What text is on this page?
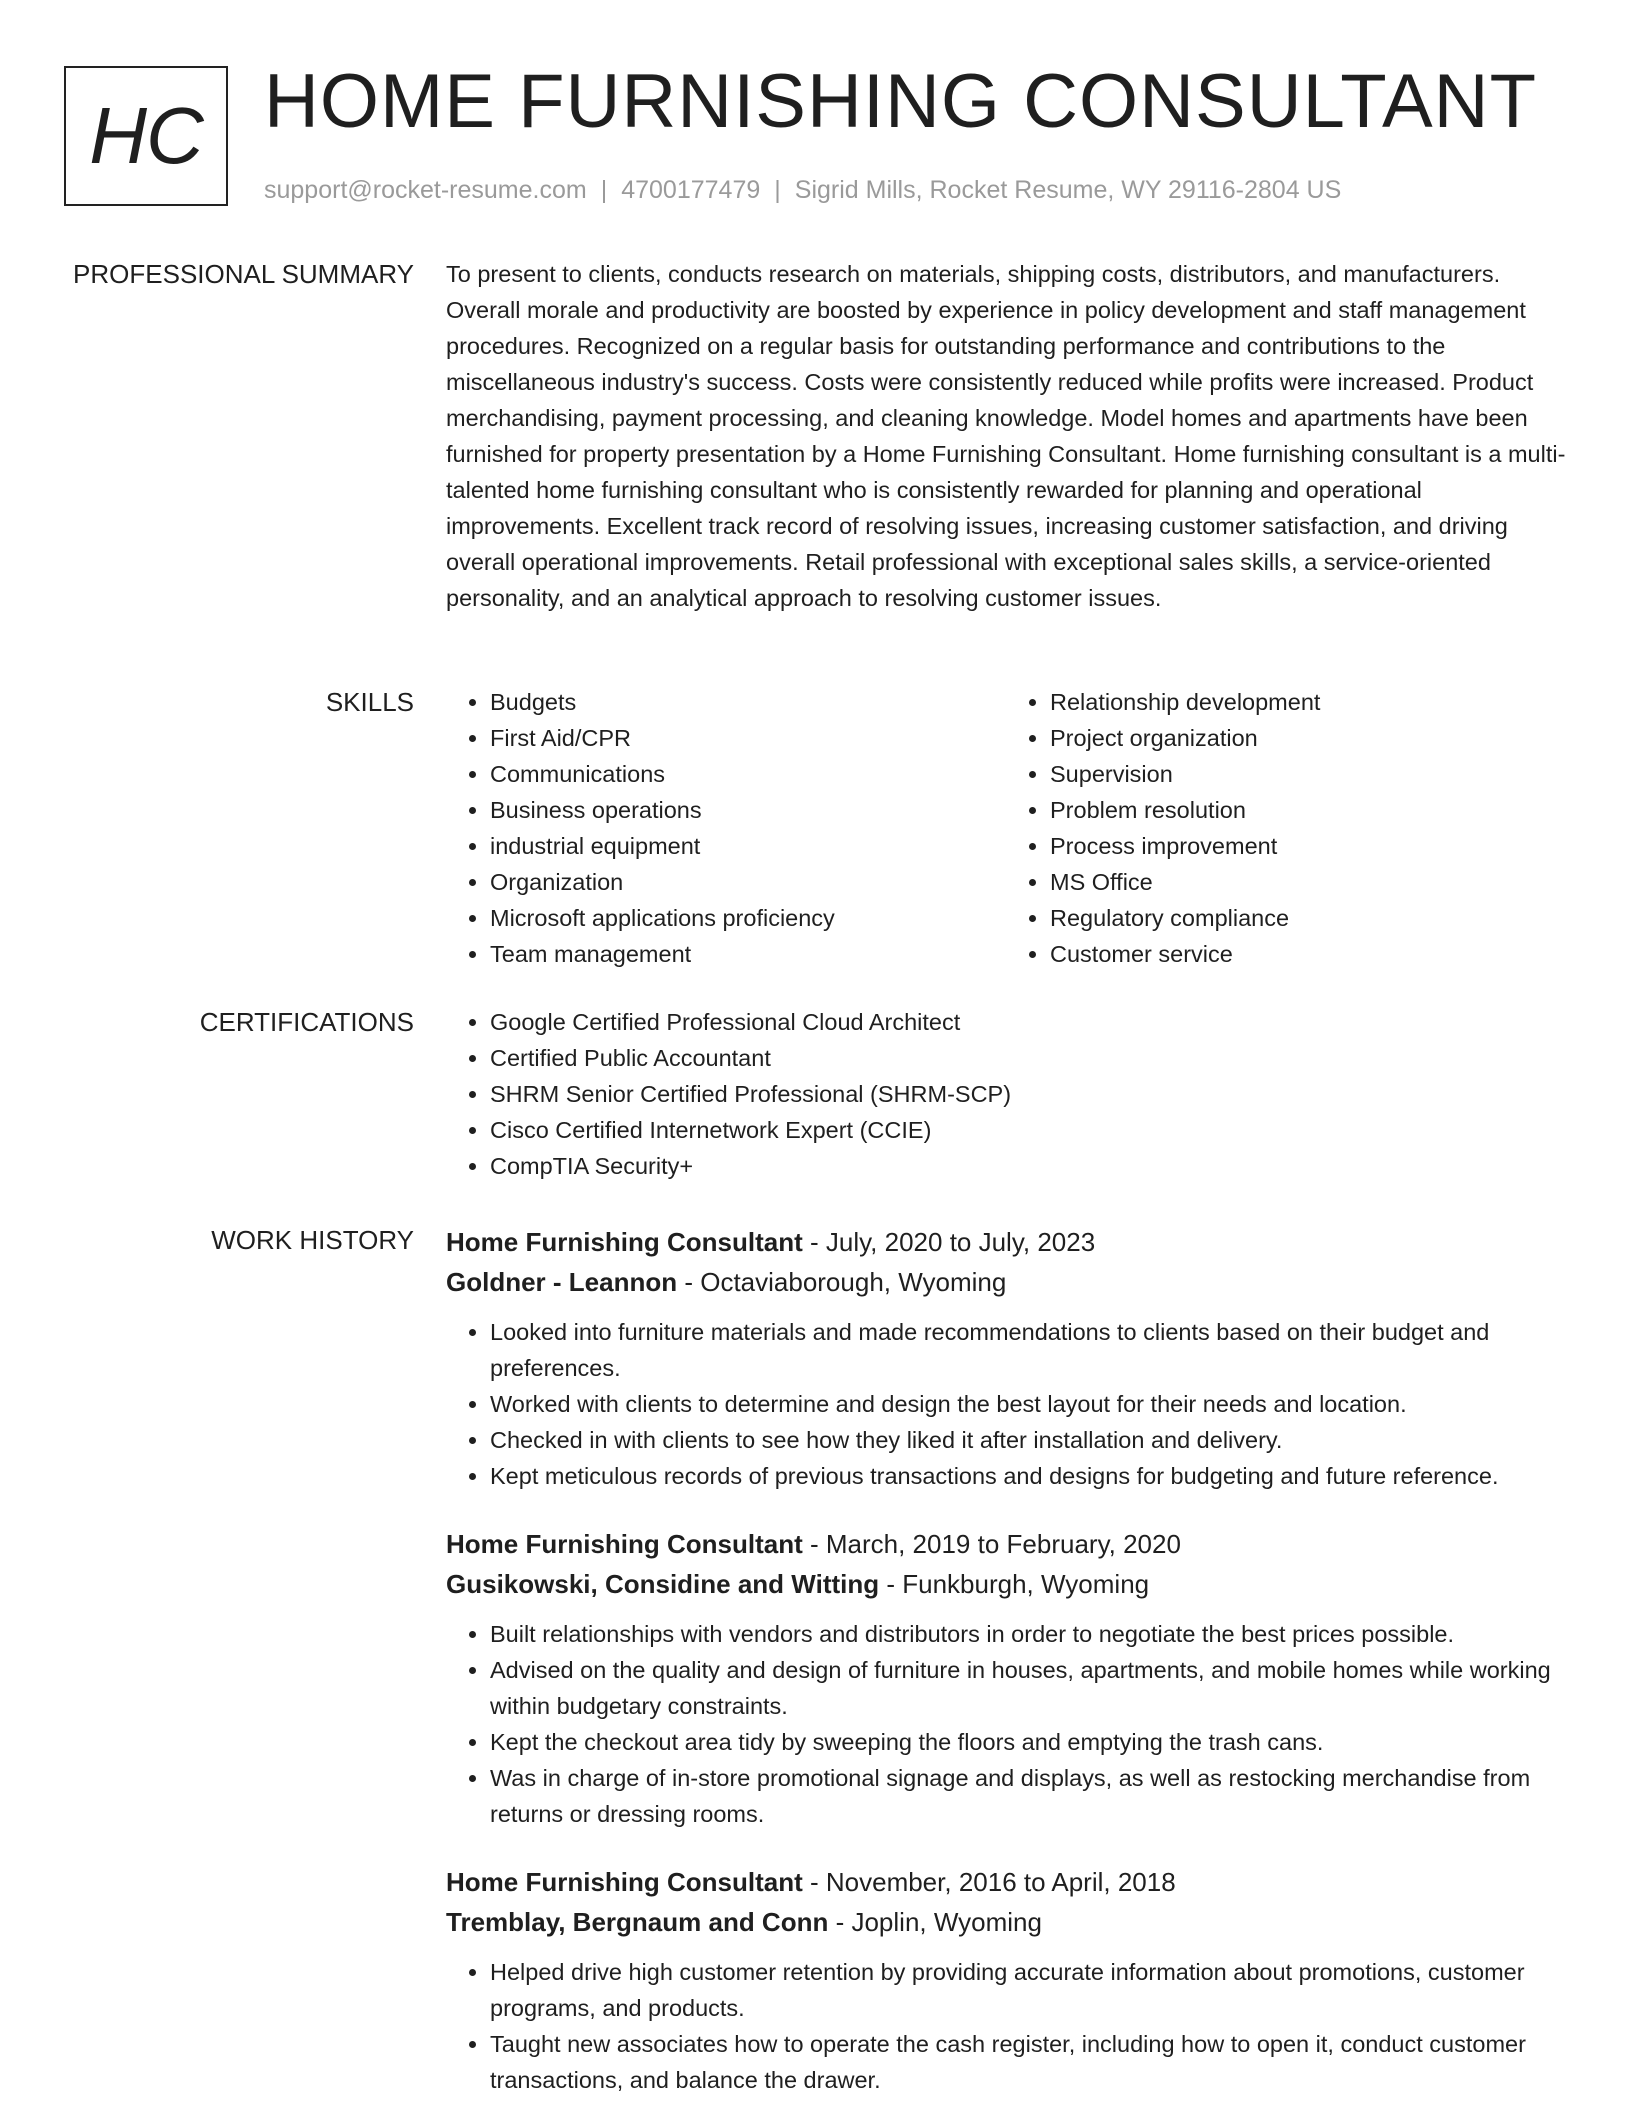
HC HOME FURNISHING CONSULTANT
support@rocket-resume.com | 4700177479 | Sigrid Mills, Rocket Resume, WY 29116-2804 US
PROFESSIONAL SUMMARY To present to clients, conducts research on materials, shipping costs, distributors, and manufacturers. Overall morale and productivity are boosted by experience in policy development and staff management procedures. Recognized on a regular basis for outstanding performance and contributions to the miscellaneous industry's success. Costs were consistently reduced while profits were increased. Product merchandising, payment processing, and cleaning knowledge. Model homes and apartments have been furnished for property presentation by a Home Furnishing Consultant. Home furnishing consultant is a multi-talented home furnishing consultant who is consistently rewarded for planning and operational improvements. Excellent track record of resolving issues, increasing customer satisfaction, and driving overall operational improvements. Retail professional with exceptional sales skills, a service-oriented personality, and an analytical approach to resolving customer issues.
SKILLS	• Budgets
• First Aid/CPR
• Communications
• Business operations
• industrial equipment
• Organization
• Microsoft applications proficiency
• Team management
• Relationship development
• Project organization
• Supervision
• Problem resolution
• Process improvement
• MS Office
• Regulatory compliance
• Customer service
CERTIFICATIONS	• Google Certified Professional Cloud Architect
• Certified Public Accountant
• SHRM Senior Certified Professional (SHRM-SCP)
• Cisco Certified Internetwork Expert (CCIE)
• CompTIA Security+
WORK HISTORY Home Furnishing Consultant - July, 2020 to July, 2023
Goldner - Leannon - Octaviaborough, Wyoming
• Looked into furniture materials and made recommendations to clients based on their budget and preferences.
• Worked with clients to determine and design the best layout for their needs and location.
• Checked in with clients to see how they liked it after installation and delivery.
• Kept meticulous records of previous transactions and designs for budgeting and future reference.
Home Furnishing Consultant - March, 2019 to February, 2020
Gusikowski, Considine and Witting - Funkburgh, Wyoming
• Built relationships with vendors and distributors in order to negotiate the best prices possible.
• Advised on the quality and design of furniture in houses, apartments, and mobile homes while working within budgetary constraints.
• Kept the checkout area tidy by sweeping the floors and emptying the trash cans.
• Was in charge of in-store promotional signage and displays, as well as restocking merchandise from returns or dressing rooms.
Home Furnishing Consultant - November, 2016 to April, 2018
Tremblay, Bergnaum and Conn - Joplin, Wyoming
• Helped drive high customer retention by providing accurate information about promotions, customer programs, and products.
• Taught new associates how to operate the cash register, including how to open it, conduct customer transactions, and balance the drawer.
